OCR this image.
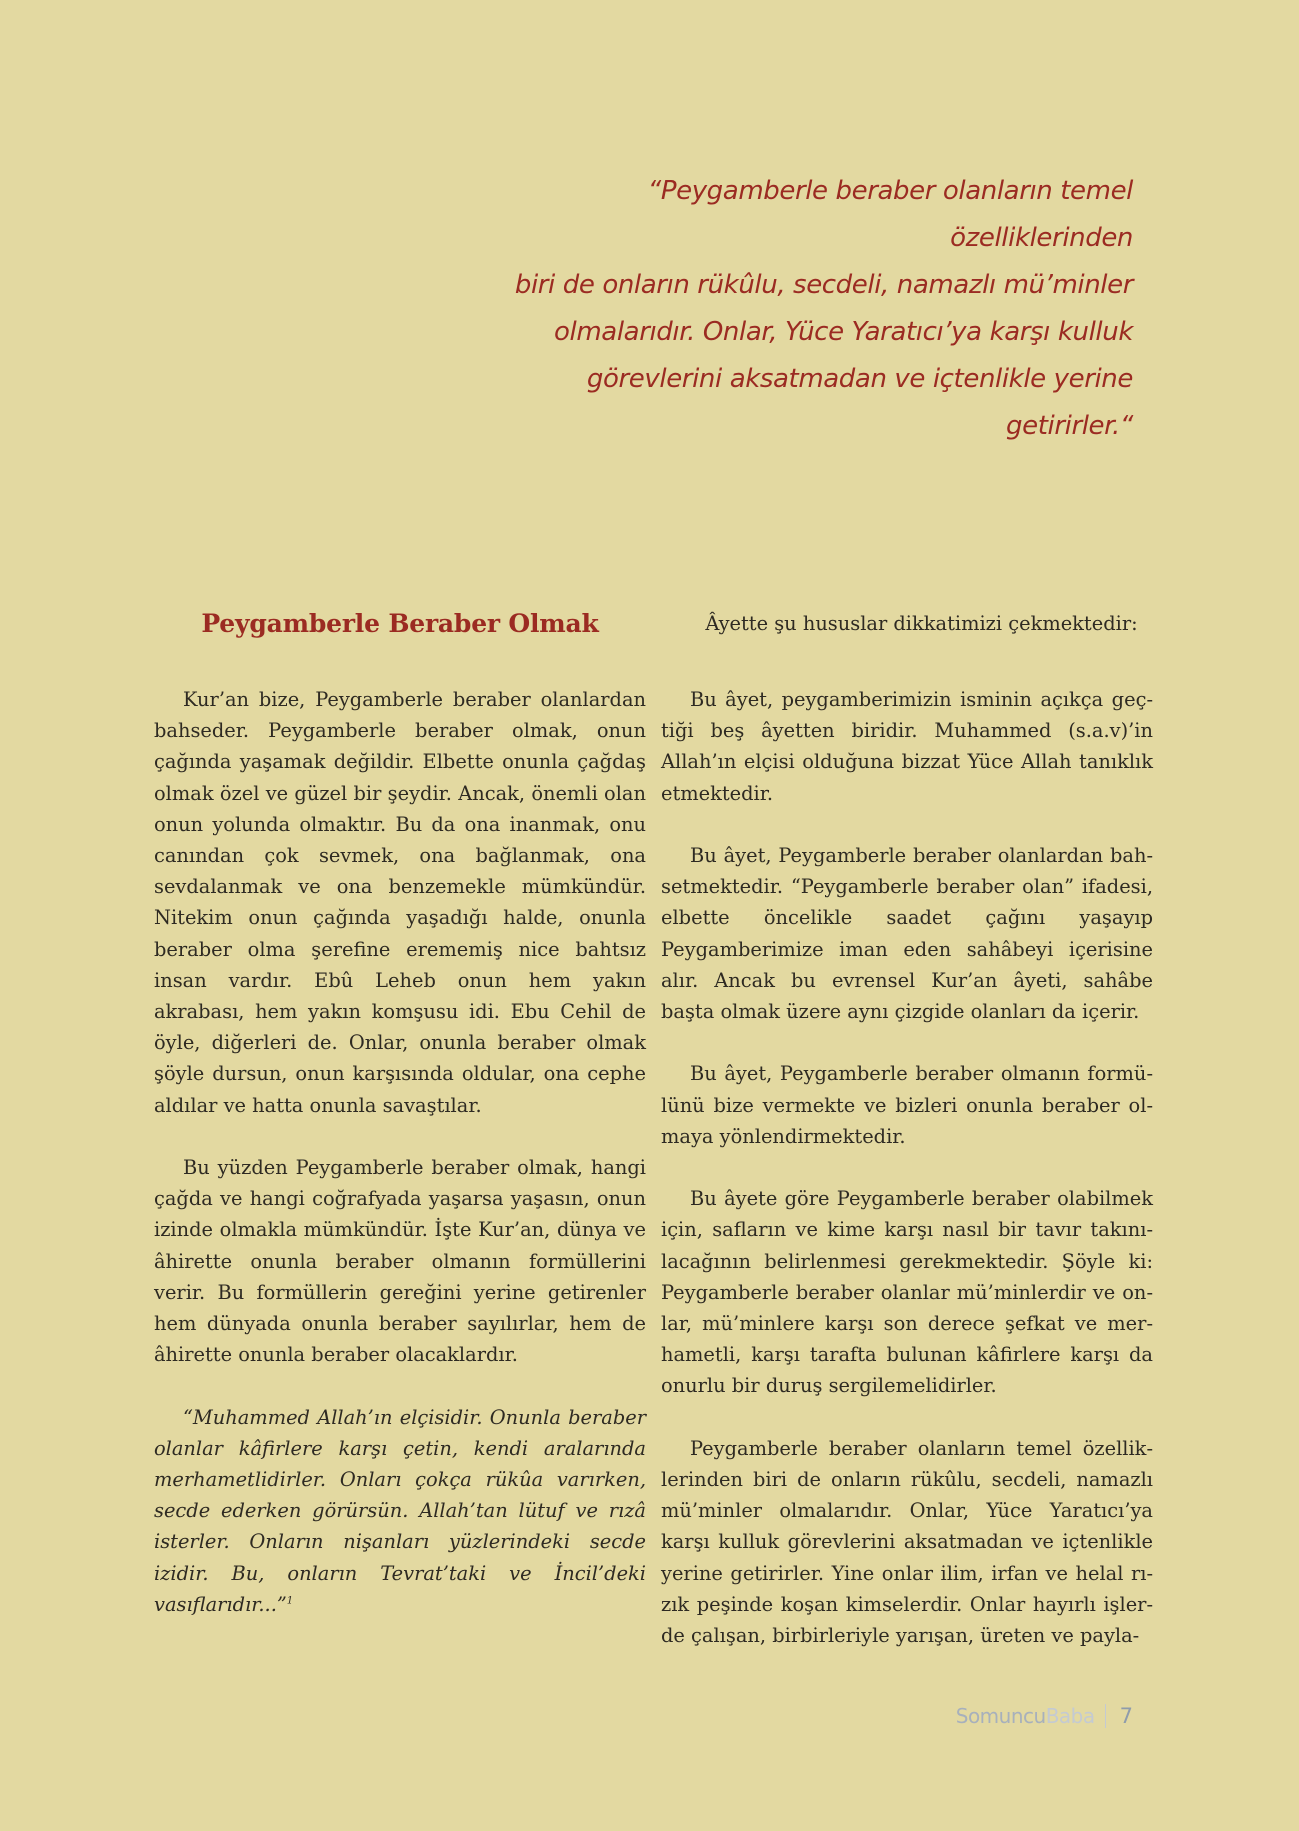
“Peygamberle beraber olanların temel özelliklerinden

biri de onların rükûlu, secdeli, namazlı mü’minler

olmalarıdır. Onlar, Yüce Yaratıcı’ya karşı kulluk

görevlerini aksatmadan ve içtenlikle yerine getirirler.“

Peygamberle Beraber Olmak

Kur’an bize, Peygamberle beraber olanlardan bahseder. Peygamberle beraber olmak, onun çağında yaşamak değildir. Elbette onunla çağdaş olmak özel ve güzel bir şeydir. Ancak, önemli olan onun yolunda olmaktır. Bu da ona inanmak, onu canından çok sevmek, ona bağlanmak, ona sevdalanmak ve ona benzemekle mümkündür. Nitekim onun çağında yaşadığı halde, onunla beraber olma şerefine erememiş nice bahtsız insan vardır. Ebû Leheb onun hem yakın akrabası, hem yakın komşusu idi. Ebu Cehil de öyle, diğerleri de. Onlar, onunla beraber olmak şöyle dursun, onun karşısında oldular, ona cephe aldılar ve hatta onunla savaştılar.

Bu yüzden Peygamberle beraber olmak, hangi çağda ve hangi coğrafyada yaşarsa yaşasın, onun izinde olmakla mümkündür. İşte Kur’an, dünya ve âhirette onunla beraber olmanın formüllerini verir. Bu formüllerin gereğini yerine getirenler hem dünyada onunla beraber sayılırlar, hem de âhirette onunla beraber olacaklardır.

“Muhammed Allah’ın elçisidir. Onunla beraber olanlar kâfirlere karşı çetin, kendi aralarında merhametlidirler. Onları çokça rükûa varırken, secde ederken görürsün. Allah’tan lütuf ve rızâ isterler. Onların nişanları yüzlerindeki secde izidir. Bu, onların Tevrat’taki ve İncil’deki vasıflarıdır...”$^1$

Âyette şu hususlar dikkatimizi çekmektedir:

Bu âyet, peygamberimizin isminin açıkça geçtiği beş âyetten biridir. Muhammed (s.a.v)’in Allah’ın elçisi olduğuna bizzat Yüce Allah tanıklık etmektedir.

Bu âyet, Peygamberle beraber olanlardan bahsetmektedir. “Peygamberle beraber olan” ifadesi, elbette öncelikle saadet çağını yaşayıp Peygamberimize iman eden sahâbeyi içerisine alır. Ancak bu evrensel Kur’an âyeti, sahâbe başta olmak üzere aynı çizgide olanları da içerir.

Bu âyet, Peygamberle beraber olmanın formülünü bize vermekte ve bizleri onunla beraber olmaya yönlendirmektedir.

Bu âyete göre Peygamberle beraber olabilmek için, safların ve kime karşı nasıl bir tavır takınılacağının belirlenmesi gerekmektedir. Şöyle ki: Peygamberle beraber olanlar mü’minlerdir ve onlar, mü’minlere karşı son derece şefkat ve merhametli, karşı tarafta bulunan kâfirlere karşı da onurlu bir duruş sergilemelidirler.

Peygamberle beraber olanların temel özelliklerinden biri de onların rükûlu, secdeli, namazlı mü’minler olmalarıdır. Onlar, Yüce Yaratıcı’ya karşı kulluk görevlerini aksatmadan ve içtenlikle yerine getirirler. Yine onlar ilim, irfan ve helal rızık peşinde koşan kimselerdir. Onlar hayırlı işlerde çalışan, birbirleriyle yarışan, üreten ve payla-

SomuncuBaba 7
